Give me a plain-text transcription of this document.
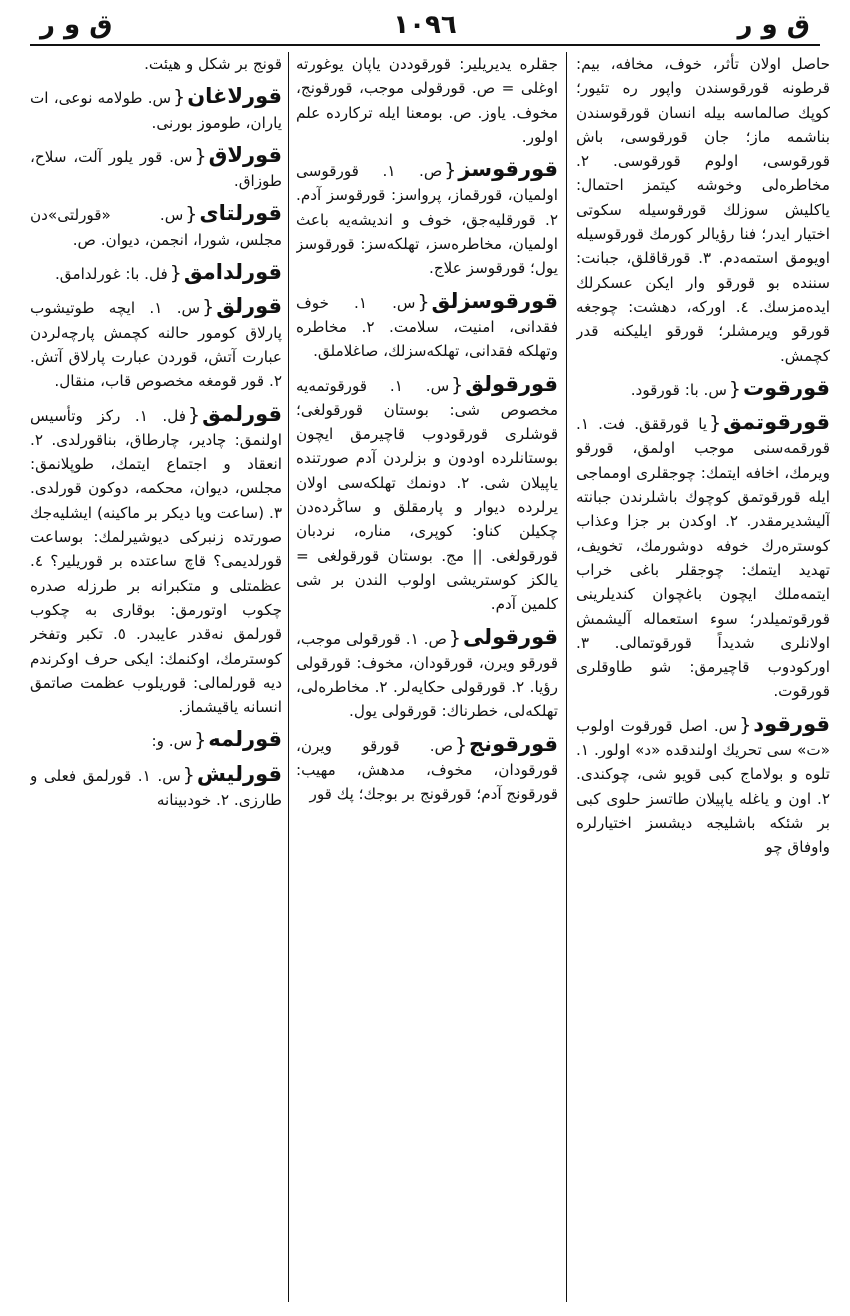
ق و ر
١٠٩٦
ق و ر
حاصل اولان تأثر، خوف، مخافه، بیم: قرطونه قورقوسندن واپور ره تئیور؛ کوپك صالماسه بیله انسان قورقوسندن بناشمه ماز؛ جان قورقوسی، باش قورقوسی، اولوم قورقوسی. ۲. مخاطره‌لی وخوشه کیتمز احتمال: یاکلیش سوزلك قورقوسیله سکوتی اختیار ایدر؛ فنا رؤیالر کورمك قورقوسیله اویومق استمه‌دم. ۳. قورقاقلق، جبانت: سننده بو قورقو وار ایکن عسکرلك ایده‌مزسك. ٤. اورکه، دهشت: چوجغه قورقو ویرمشلر؛ قورقو ایلیکنه قدر کچمش.
قورقوت{س. با: قورقود.
قورقوتمق{یا قورققق. فت. ۱. قورقمه‌سنی موجب اولمق، قورقو ویرمك، اخافه ایتمك: چوجقلری اومماجی ایله قورقوتمق کوچوك باشلرندن جبانته آلیشدیرمقدر. ۲. اوکدن بر جزا وعذاب کوستره‌رك خوفه دوشورمك، تخویف، تهدید ایتمك: چوجقلر باغی خراب ایتمه‌ملك ایچون باغچوان کندیلرینی قورقوتمیلدر؛ سوء استعماله آلیشمش اولانلری شدیداً قورقوتمالی. ۳. اورکودوب قاچیرمق: شو طاوقلری قورقوت.
قورقود{س. اصل قورقوت اولوب «ت» سی تحریك اولندقده «د» اولور. ۱. تلوه و بولاماج کبی قویو شی، چوکندی. ۲. اون و یاغله یاپیلان طاتسز حلوی کبی بر شئکه باشلیجه دیشسز اختیارلره واوفاق چو
جقلره یدیریلیر: قورقوددن یاپان یوغورته اوغلی = ص. قورقولی موجب، قورقونج، مخوف. یاوز. ص. بومعنا ایله ترکارده علم اولور.
قورقوسز{ص. ۱. قورقوسی اولمیان، قورقماز، پرواسز: قورقوسز آدم. ۲. قورقلیه‌جق، خوف و اندیشه‌یه باعث اولمیان، مخاطره‌سز، تهلکه‌سز: قورقوسز یول؛ قورقوسز علاج.
قورقوسزلق{س. ۱. خوف فقدانی، امنیت، سلامت. ۲. مخاطره وتهلکه فقدانی، تهلکه‌سزلك، صاغلاملق.
قورقولق{س. ۱. قورقوتمه‌یه مخصوص شی: بوستان قورقولغی؛ قوشلری قورقودوب قاچیرمق ایچون بوستانلرده اودون و بزلردن آدم صورتنده یاپیلان شی. ۲. دونمك تهلکه‌سی اولان یرلرده دیوار و پارمقلق و ساڭرده‌دن چکیلن کناو: کوپری، مناره، نردبان قورقولغی. || مج. بوستان قورقولغی = یالکز کوستریشی اولوب الندن بر شی کلمین آدم.
قورقولی{ص. ۱. قورقولی موجب، قورقو ویرن، قورقودان، مخوف: قورقولی رؤیا. ۲. قورقولی حکایه‌لر. ۲. مخاطره‌لی، تهلکه‌لی، خطرناك: قورقولی یول.
قورقونج{ص. قورقو ویرن، قورقودان، مخوف، مدهش، مهیب: قورقونج آدم؛ قورقونج بر بوجك؛ پك قور
قونج بر شکل و هیئت.
قورلاغان{س. طولامه نوعی، ات یاران، طوموز بورنی.
قورلاق{س. قور یلور آلت، سلاح، طوزاق.
قورلتای{س. «قورلتی»دن مجلس، شورا، انجمن، دیوان. ص.
قورلدامق{فل. با: غورلدامق.
قورلق{س. ۱. ایچه طوتیشوب پارلاق کومور حالنه کچمش پارچه‌لردن عبارت آتش، قوردن عبارت پارلاق آتش. ۲. قور قومغه مخصوص قاب، منقال.
قورلمق{فل. ۱. رکز وتأسیس اولنمق: چادیر، چارطاق، بناقورلدی. ۲. انعقاد و اجتماع ایتمك، طوپلانمق: مجلس، دیوان، محکمه، دوکون قورلدی. ۳. (ساعت ویا دیکر بر ماکینه) ایشلیه‌جك صورتده زنبرکی دیوشیرلمك: بوساعت قورلدیمی؟ قاچ ساعتده بر قوریلیر؟ ٤. عظمتلی و متکبرانه بر طرزله صدره چکوب اوتورمق: بوقاری به چکوب قورلمق نه‌قدر عایبدر. ٥. تکبر وتفخر کوسترمك، اوکنمك: ایکی حرف اوکرندم دیه قورلمالی: قوریلوب عظمت صاتمق انسانه یاقیشماز.
قورلمه{س. و:
قورلیش{س. ۱. قورلمق فعلی و طارزی. ۲. خودبینانه
